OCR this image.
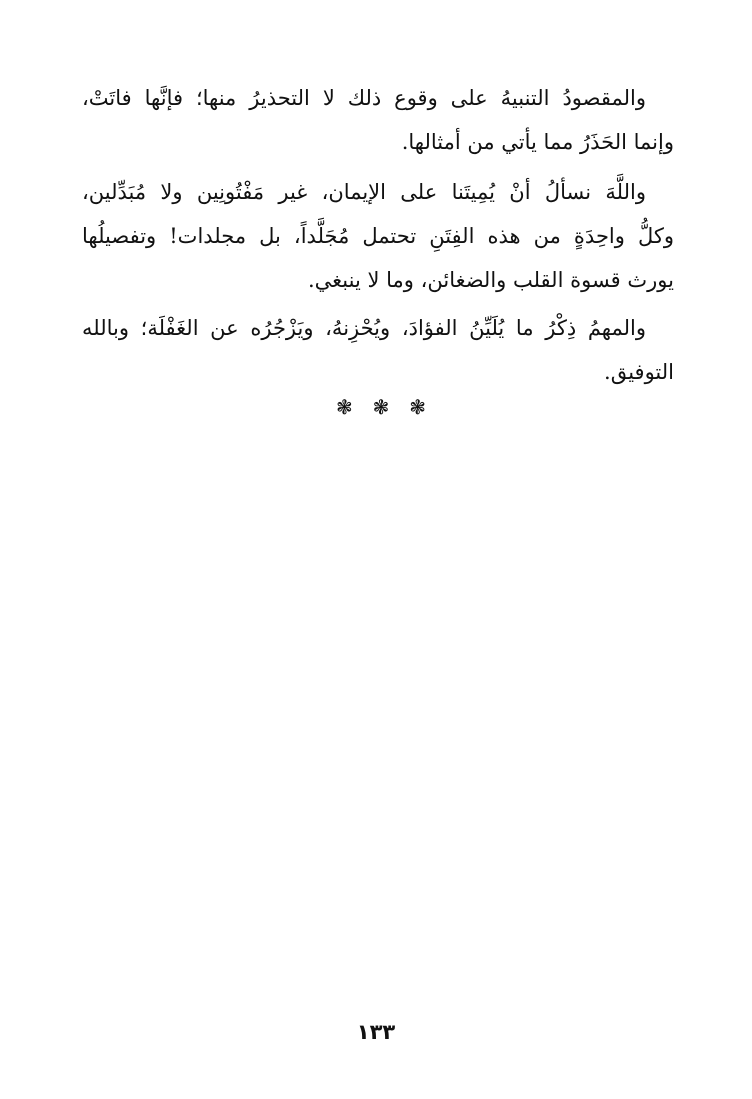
والمقصودُ التنبيهُ على وقوع ذلك لا التحذيرُ منها؛ فإنَّها فاتَتْ،
وإنما الحَذَرُ مما يأتي من أمثالها.
واللَّهَ نسألُ أنْ يُمِيتَنا على الإيمان، غير مَفْتُونِين ولا مُبَدِّلين،
وكلُّ واحِدَةٍ من هذه الفِتَنِ تحتمل مُجَلَّداً، بل مجلدات! وتفصيلُها
يورث قسوة القلب والضغائن، وما لا ينبغي.
والمهمُ ذِكْرُ ما يُلَيِّنُ الفؤادَ، ويُحْزِنهُ، ويَزْجُرُه عن الغَفْلَة؛ وبالله
التوفيق.
❃ ❃ ❃
١٣٣
